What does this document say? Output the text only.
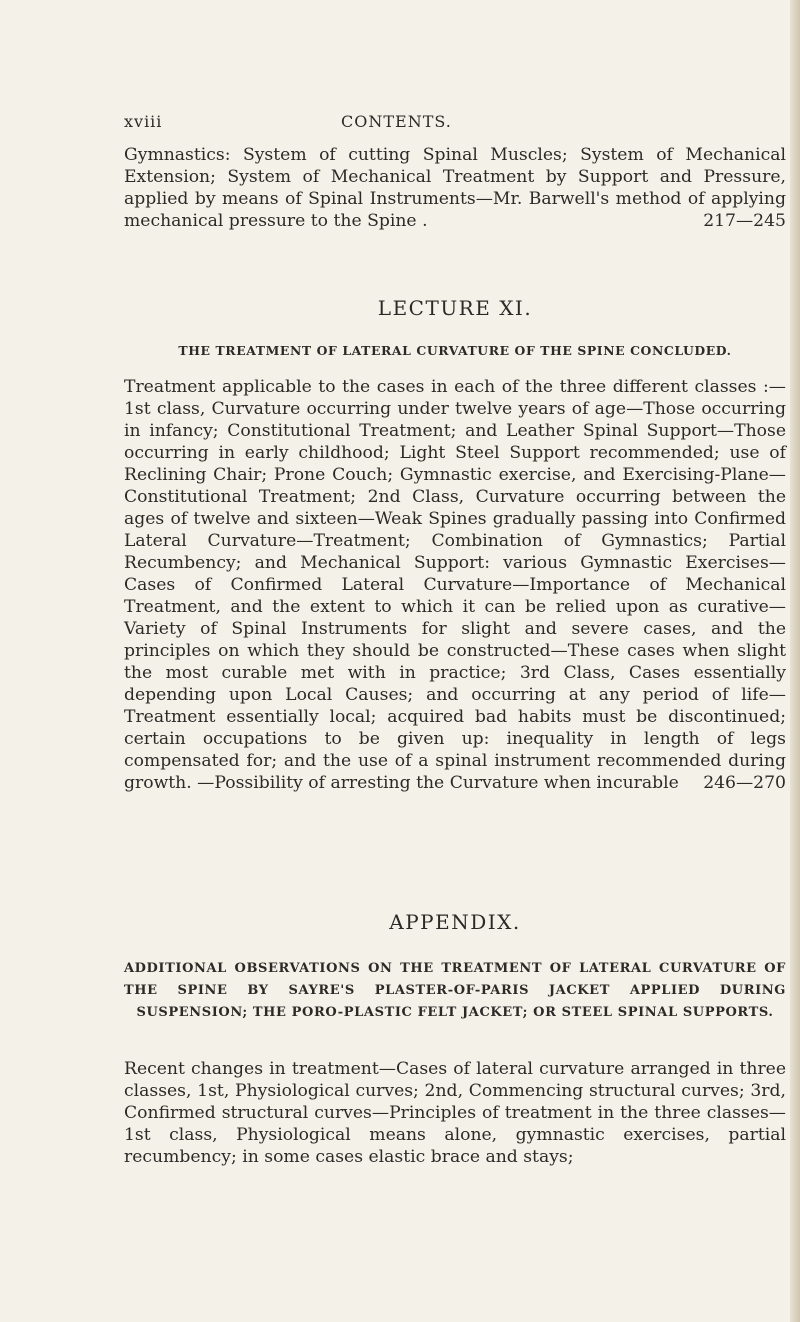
xviii	CONTENTS.

Gymnastics: System of cutting Spinal Muscles; System of Mechanical Extension; System of Mechanical Treatment by Support and Pressure, applied by means of Spinal Instruments—Mr. Barwell's method of applying mechanical pressure to the Spine .	217—245

LECTURE XI.
THE TREATMENT OF LATERAL CURVATURE OF THE SPINE CONCLUDED.

Treatment applicable to the cases in each of the three different classes :— 1st class, Curvature occurring under twelve years of age—Those occurring in infancy; Constitutional Treatment; and Leather Spinal Support—Those occurring in early childhood; Light Steel Support recommended; use of Reclining Chair; Prone Couch; Gymnastic exercise, and Exercising-Plane—Constitutional Treatment; 2nd Class, Curvature occurring between the ages of twelve and sixteen—Weak Spines gradually passing into Confirmed Lateral Curvature—Treatment; Combination of Gymnastics; Partial Recumbency; and Mechanical Support: various Gymnastic Exercises—Cases of Confirmed Lateral Curvature—Importance of Mechanical Treatment, and the extent to which it can be relied upon as curative—Variety of Spinal Instruments for slight and severe cases, and the principles on which they should be constructed—These cases when slight the most curable met with in practice; 3rd Class, Cases essentially depending upon Local Causes; and occurring at any period of life—Treatment essentially local; acquired bad habits must be discontinued; certain occupations to be given up: inequality in length of legs compensated for; and the use of a spinal instrument recommended during growth. —Possibility of arresting the Curvature when incurable 246—270

APPENDIX.
ADDITIONAL OBSERVATIONS ON THE TREATMENT OF LATERAL CURVATURE OF THE SPINE BY SAYRE'S PLASTER-OF-PARIS JACKET APPLIED DURING SUSPENSION; THE PORO-PLASTIC FELT JACKET; OR STEEL SPINAL SUPPORTS.

Recent changes in treatment—Cases of lateral curvature arranged in three classes, 1st, Physiological curves; 2nd, Commencing structural curves; 3rd, Confirmed structural curves—Principles of treatment in the three classes—1st class, Physiological means alone, gymnastic exercises, partial recumbency; in some cases elastic brace and stays;
